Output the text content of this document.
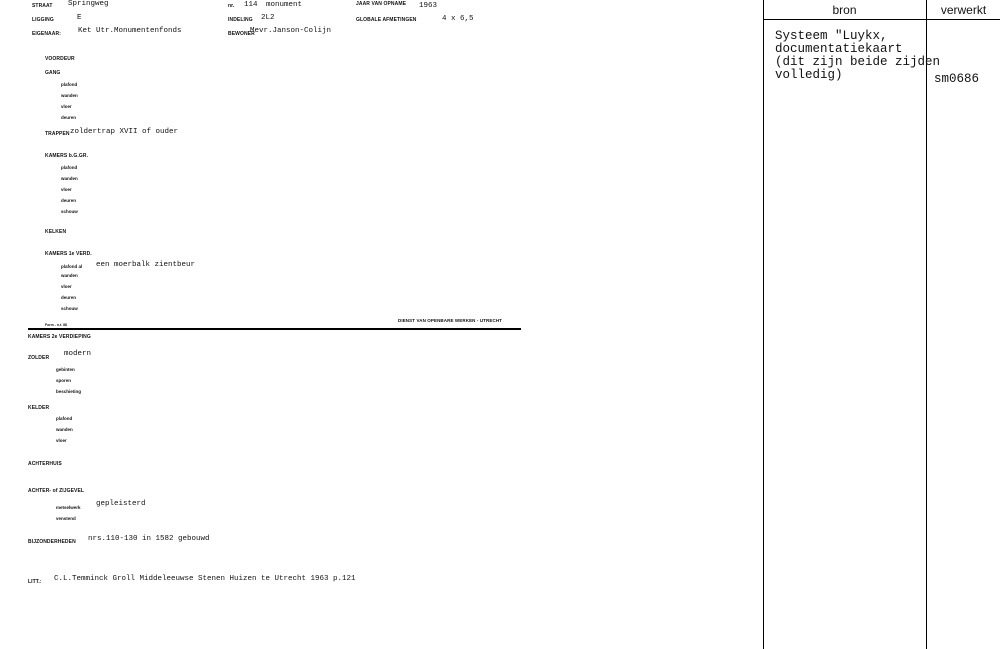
STRAAT Springweg	nr. 114 monument	JAAR VAN OPNAME 1963
LIGGING	E	INDELING 2L2	GLOBALE AFMETINGEN	4 x 6,5
EIGENAAR: Ket Utr.Monumentenfonds	BEWONER
Mevr.Janson-Colijn
VOORDEUR
GANG
plafond
wanden
vloer
deuren
TRAPPEN zoldertrap XVII of ouder
KAMERS b.G.GR.
plafond
wanden
vloer
deuren
schouw
KELKEN
KAMERS 1e VERD.
plafond al een moerbalk zientbeur
wanden
vloer
deuren
schouw
Form - n.t. 88
DIENST VAN OPENBARE WERKEN - UTRECHT
KAMERS 2e VERDIEPING
ZOLDER modern
gebinten
sporen
beschieting
KELDER
plafond
wanden
vloer
ACHTERHUIS
ACHTER- of ZIJGEVEL
metselwerk gepleisterd
venstend
BIJZONDERHEDEN nrs.110-130 in 1582 gebouwd
LITT.: C.L.Temminck Groll Middeleeuwse Stenen Huizen te Utrecht 1963 p.121
bron	verwerkt
Systeem "Luykx,
documentatiekaart
(dit zijn beide zijden
volledig)	sm0686
